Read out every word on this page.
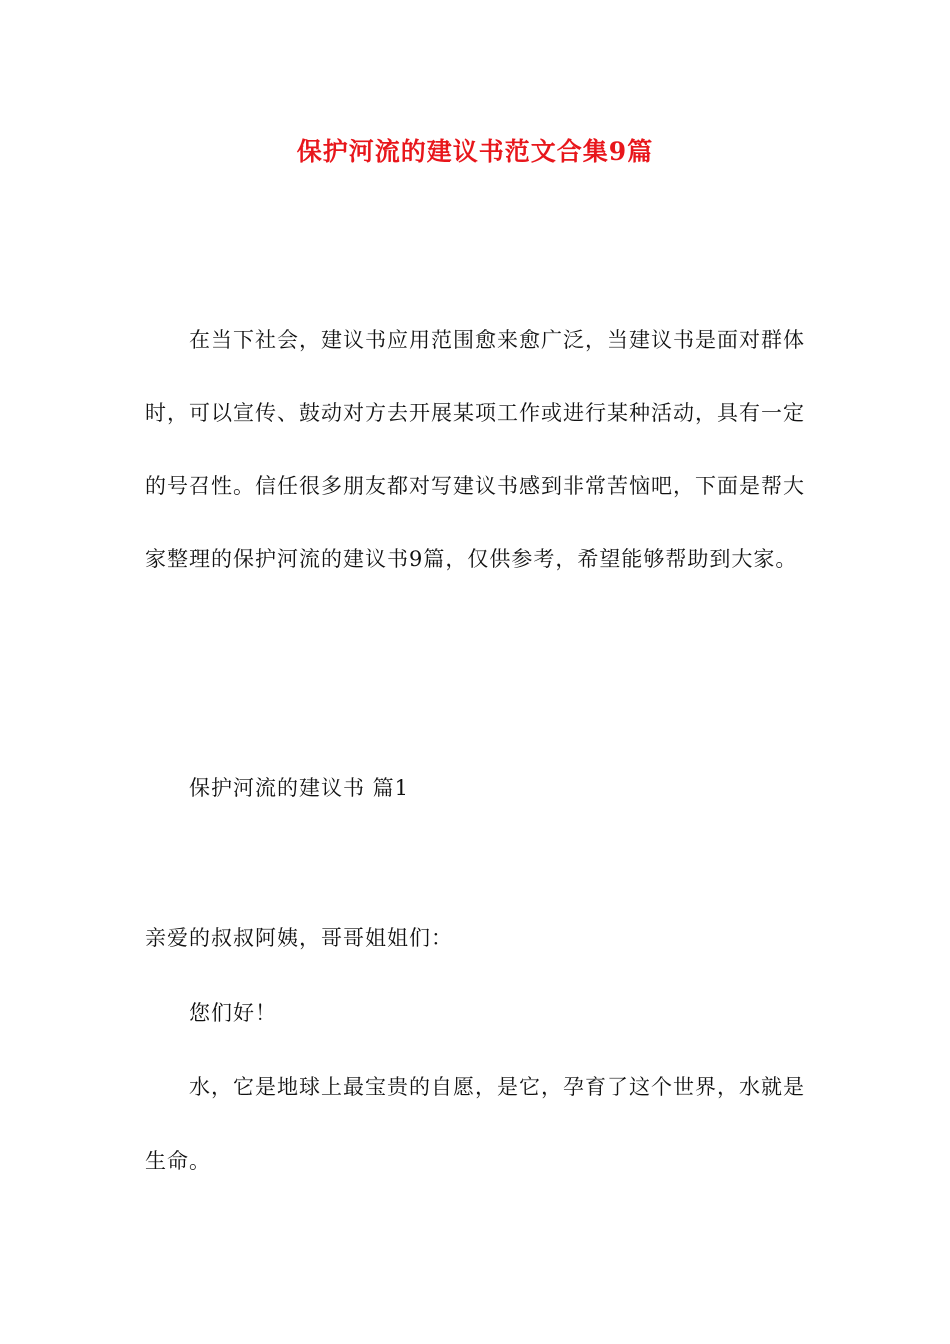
保护河流的建议书范文合集9篇
在当下社会，建议书应用范围愈来愈广泛，当建议书是面对群体时，可以宣传、鼓动对方去开展某项工作或进行某种活动，具有一定的号召性。信任很多朋友都对写建议书感到非常苦恼吧，下面是帮大家整理的保护河流的建议书9篇，仅供参考，希望能够帮助到大家。
保护河流的建议书 篇1
亲爱的叔叔阿姨，哥哥姐姐们：
您们好！
水，它是地球上最宝贵的自愿，是它，孕育了这个世界，水就是生命。
